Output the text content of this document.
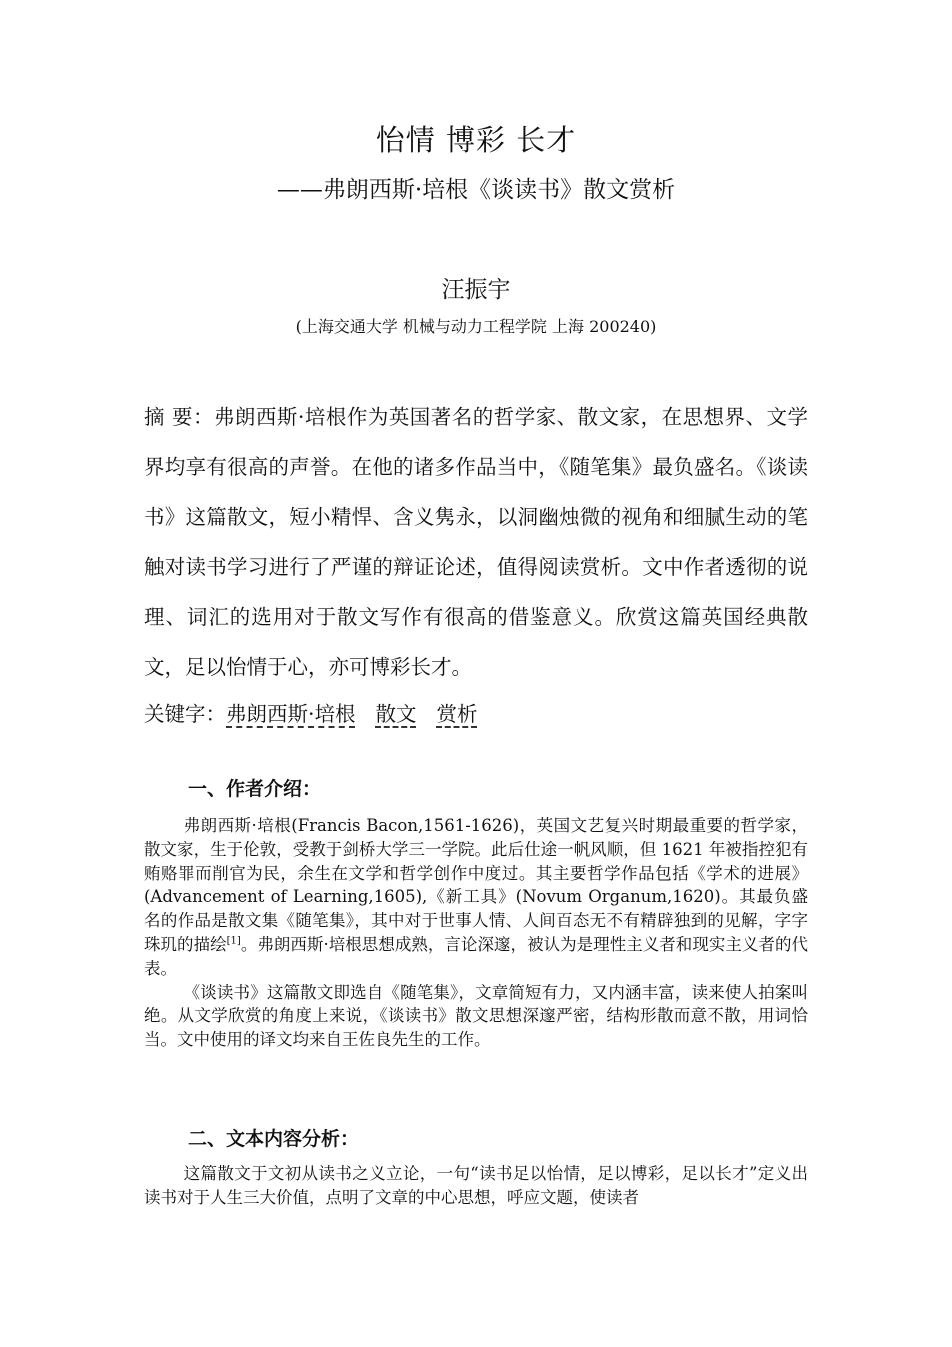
怡情 博彩 长才
——弗朗西斯·培根《谈读书》散文赏析
汪振宇
(上海交通大学 机械与动力工程学院 上海 200240)

摘 要：弗朗西斯·培根作为英国著名的哲学家、散文家，在思想界、文学界均享有很高的声誉。在他的诸多作品当中，《随笔集》最负盛名。《谈读书》这篇散文，短小精悍、含义隽永，以洞幽烛微的视角和细腻生动的笔触对读书学习进行了严谨的辩证论述，值得阅读赏析。文中作者透彻的说理、词汇的选用对于散文写作有很高的借鉴意义。欣赏这篇英国经典散文，足以怡情于心，亦可博彩长才。

关键字：弗朗西斯·培根 散文 赏析
一、作者介绍：

弗朗西斯·培根(Francis Bacon,1561-1626)，英国文艺复兴时期最重要的哲学家，散文家，生于伦敦，受教于剑桥大学三一学院。此后仕途一帆风顺，但 1621 年被指控犯有贿赂罪而削官为民，余生在文学和哲学创作中度过。其主要哲学作品包括《学术的进展》(Advancement of Learning,1605),《新工具》(Novum Organum,1620)。其最负盛名的作品是散文集《随笔集》，其中对于世事人情、人间百态无不有精辟独到的见解，字字珠玑的描绘[1]。弗朗西斯·培根思想成熟，言论深邃，被认为是理性主义者和现实主义者的代表。

《谈读书》这篇散文即选自《随笔集》，文章简短有力，又内涵丰富，读来使人拍案叫绝。从文学欣赏的角度上来说，《谈读书》散文思想深邃严密，结构形散而意不散，用词恰当。文中使用的译文均来自王佐良先生的工作。

二、文本内容分析：

这篇散文于文初从读书之义立论，一句“读书足以怡情，足以博彩，足以长才”定义出读书对于人生三大价值，点明了文章的中心思想，呼应文题，使读者
